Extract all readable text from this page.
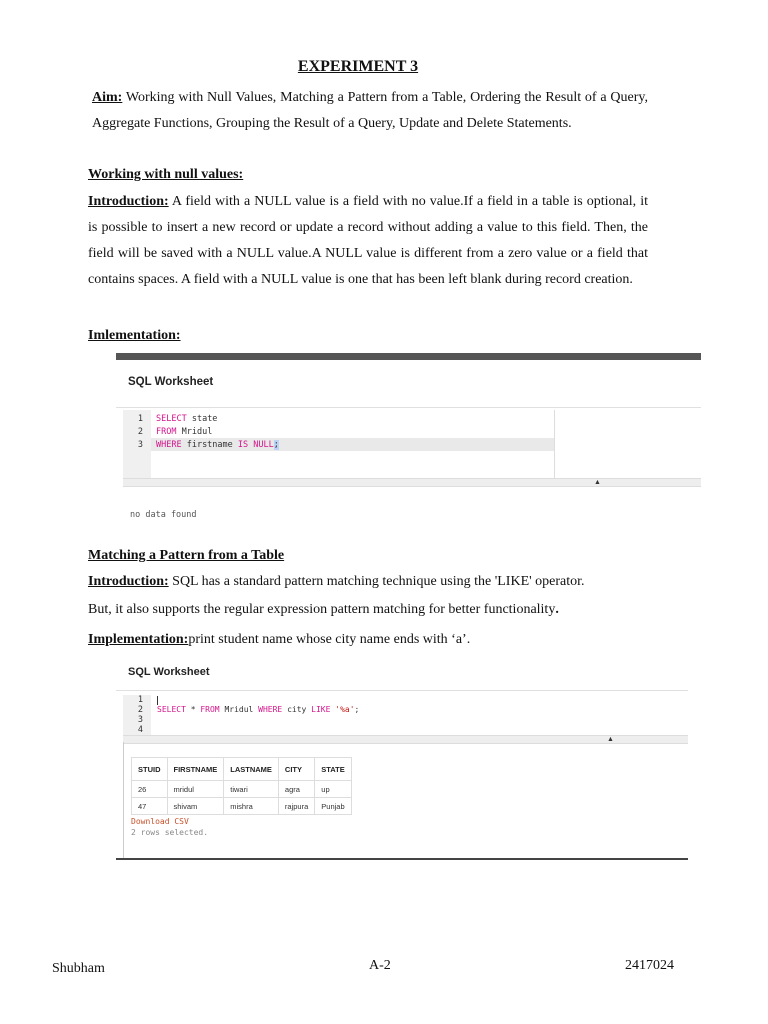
EXPERIMENT 3
Aim: Working with Null Values, Matching a Pattern from a Table, Ordering the Result of a Query, Aggregate Functions, Grouping the Result of a Query, Update and Delete Statements.
Working with null values:
Introduction: A field with a NULL value is a field with no value.If a field in a table is optional, it is possible to insert a new record or update a record without adding a value to this field. Then, the field will be saved with a NULL value.A NULL value is different from a zero value or a field that contains spaces. A field with a NULL value is one that has been left blank during record creation.
Imlementation:
SQL Worksheet
1
2
3
SELECT state
FROM Mridul
WHERE firstname IS NULL;
▲
no data found
Matching a Pattern from a Table
Introduction: SQL has a standard pattern matching technique using the 'LIKE' operator.
But, it also supports the regular expression pattern matching for better functionality.
Implementation:print student name whose city name ends with ‘a’.
SQL Worksheet
1
2
3
4
SELECT * FROM Mridul WHERE city LIKE '%a';
▲
STUID	FIRSTNAME	LASTNAME	CITY	STATE
26	mridul	tiwari	agra	up
47	shivam	mishra	rajpura	Punjab
Download CSV
2 rows selected.
Shubham	A-2	2417024
